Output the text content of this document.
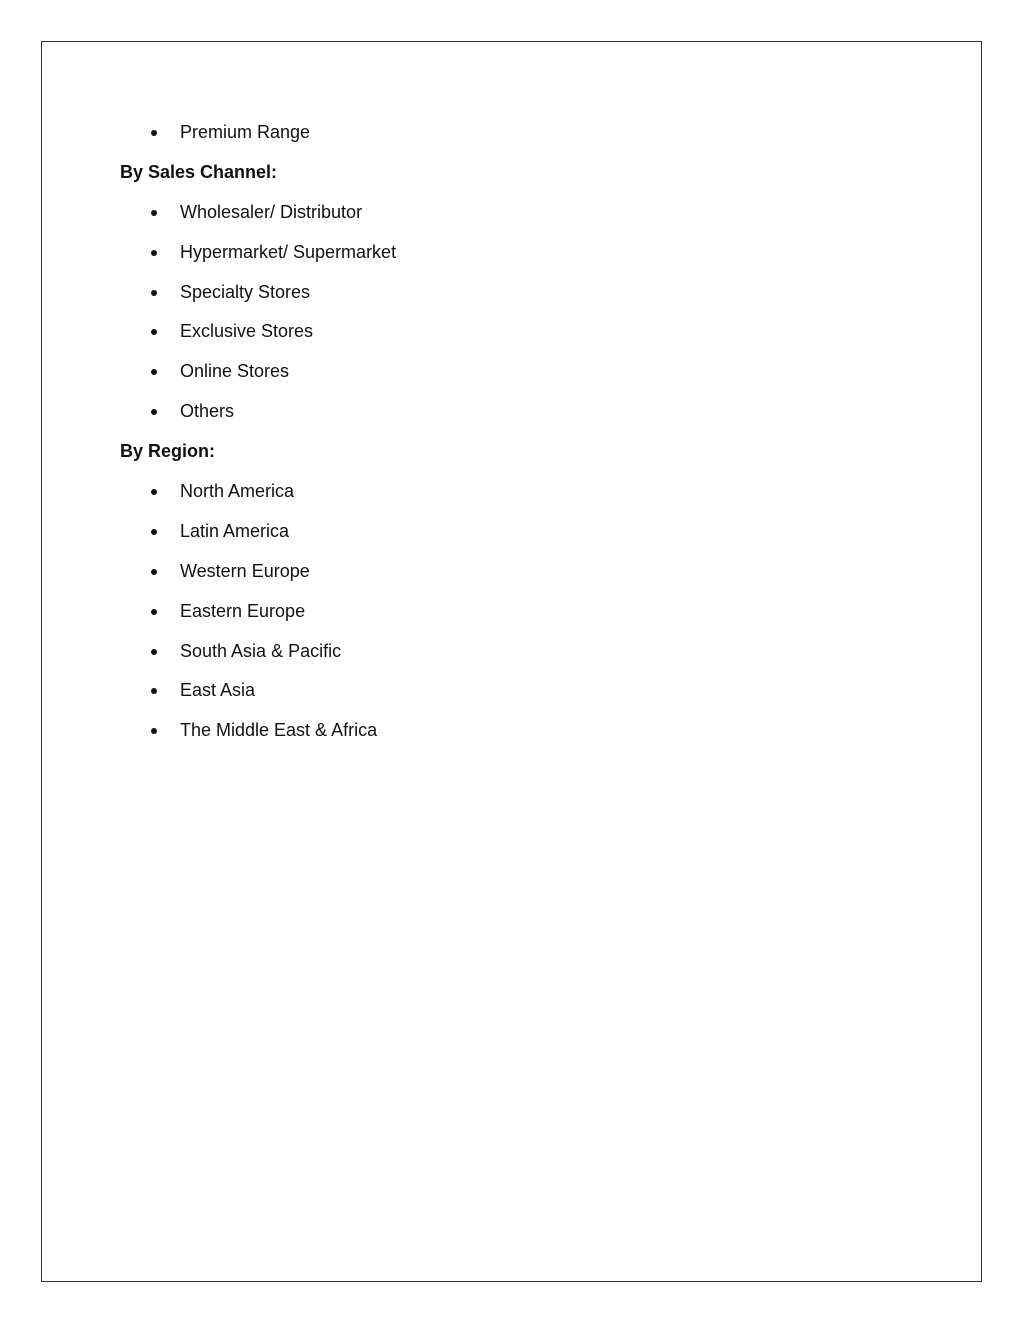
Premium Range
By Sales Channel:
Wholesaler/ Distributor
Hypermarket/ Supermarket
Specialty Stores
Exclusive Stores
Online Stores
Others
By Region:
North America
Latin America
Western Europe
Eastern Europe
South Asia & Pacific
East Asia
The Middle East & Africa
